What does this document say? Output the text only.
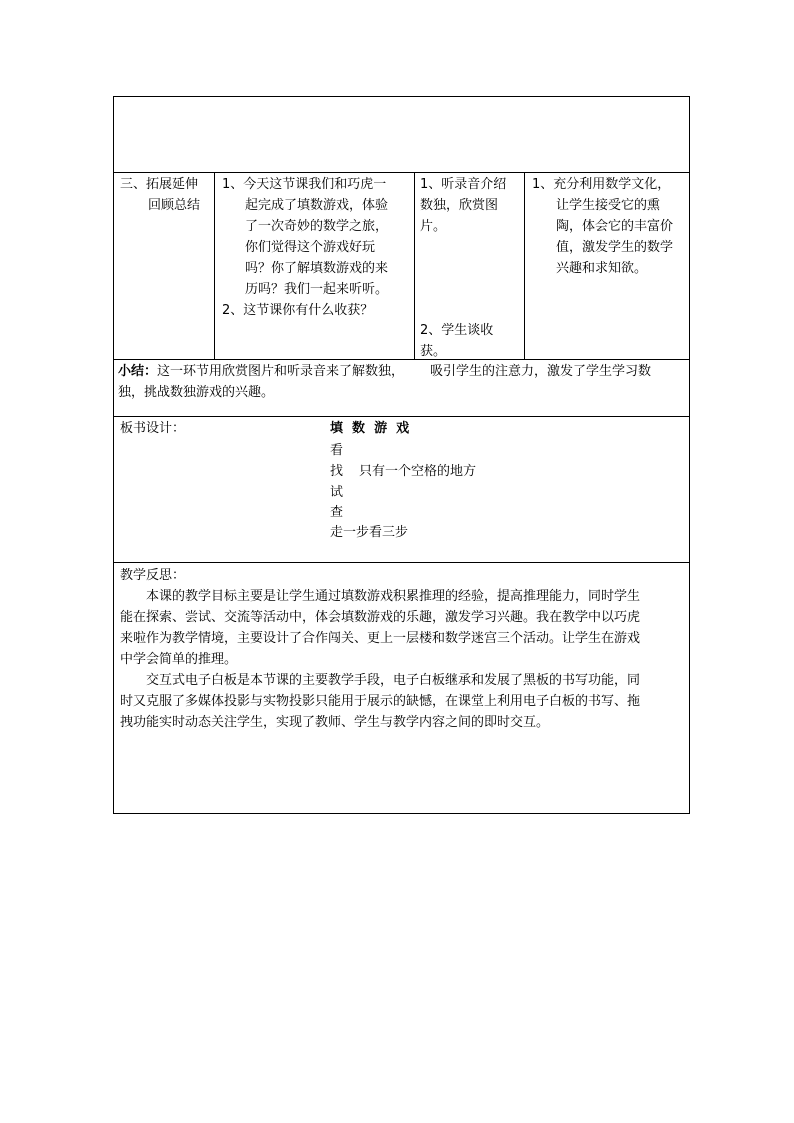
三、拓展延伸
回顾总结
1、今天这节课我们和巧虎一
起完成了填数游戏，体验
了一次奇妙的数学之旅，
你们觉得这个游戏好玩
吗？你了解填数游戏的来
历吗？我们一起来听听。
2、这节课你有什么收获？
1、听录音介绍
数独，欣赏图
片。
2、学生谈收
获。
1、充分利用数学文化，
让学生接受它的熏
陶，体会它的丰富价
值，激发学生的数学
兴趣和求知欲。
小结：这一环节用欣赏图片和听录音来了解数独， 吸引学生的注意力，激发了学生学习数
独，挑战数独游戏的兴趣。
板书设计：	填  数  游  戏
看
找 只有一个空格的地方
试
查
走一步看三步
教学反思：
本课的教学目标主要是让学生通过填数游戏积累推理的经验，提高推理能力，同时学生
能在探索、尝试、交流等活动中，体会填数游戏的乐趣，激发学习兴趣。我在教学中以巧虎
来啦作为教学情境，主要设计了合作闯关、更上一层楼和数学迷宫三个活动。让学生在游戏
中学会简单的推理。
交互式电子白板是本节课的主要教学手段，电子白板继承和发展了黑板的书写功能，同
时又克服了多媒体投影与实物投影只能用于展示的缺憾，在课堂上利用电子白板的书写、拖
拽功能实时动态关注学生，实现了教师、学生与教学内容之间的即时交互。
